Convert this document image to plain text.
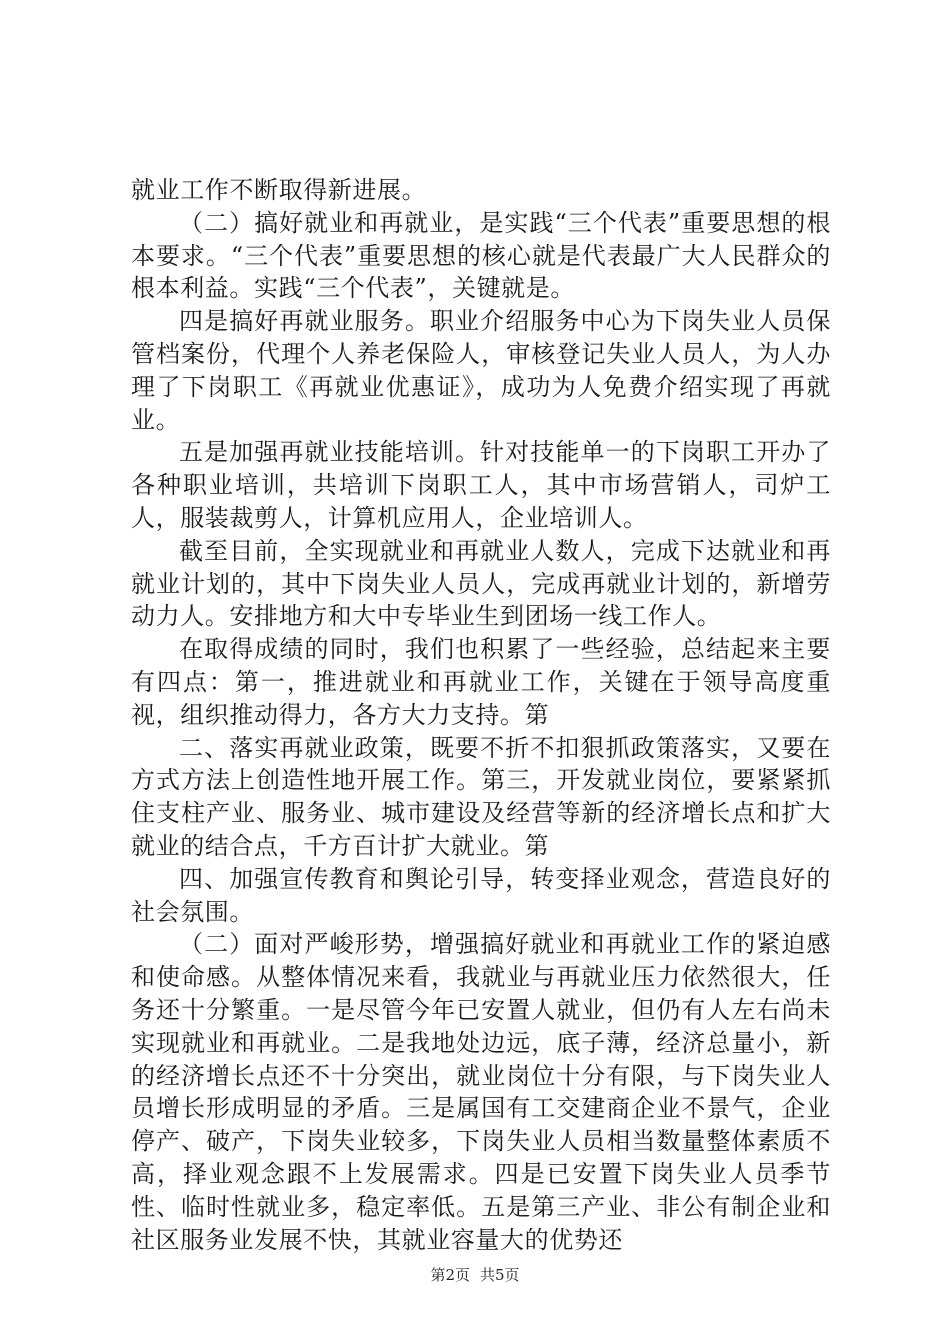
就业工作不断取得新进展。

（二）搞好就业和再就业，是实践“三个代表”重要思想的根本要求。“三个代表”重要思想的核心就是代表最广大人民群众的根本利益。实践“三个代表”，关键就是。

四是搞好再就业服务。职业介绍服务中心为下岗失业人员保管档案份，代理个人养老保险人，审核登记失业人员人，为人办理了下岗职工《再就业优惠证》，成功为人免费介绍实现了再就业。

五是加强再就业技能培训。针对技能单一的下岗职工开办了各种职业培训，共培训下岗职工人，其中市场营销人，司炉工人，服装裁剪人，计算机应用人，企业培训人。

截至目前，全实现就业和再就业人数人，完成下达就业和再就业计划的，其中下岗失业人员人，完成再就业计划的，新增劳动力人。安排地方和大中专毕业生到团场一线工作人。

在取得成绩的同时，我们也积累了一些经验，总结起来主要有四点：第一，推进就业和再就业工作，关键在于领导高度重视，组织推动得力，各方大力支持。第

二、落实再就业政策，既要不折不扣狠抓政策落实，又要在方式方法上创造性地开展工作。第三，开发就业岗位，要紧紧抓住支柱产业、服务业、城市建设及经营等新的经济增长点和扩大就业的结合点，千方百计扩大就业。第

四、加强宣传教育和舆论引导，转变择业观念，营造良好的社会氛围。

（二）面对严峻形势，增强搞好就业和再就业工作的紧迫感和使命感。从整体情况来看，我就业与再就业压力依然很大，任务还十分繁重。一是尽管今年已安置人就业，但仍有人左右尚未实现就业和再就业。二是我地处边远，底子薄，经济总量小，新的经济增长点还不十分突出，就业岗位十分有限，与下岗失业人员增长形成明显的矛盾。三是属国有工交建商企业不景气，企业停产、破产，下岗失业较多，下岗失业人员相当数量整体素质不高，择业观念跟不上发展需求。四是已安置下岗失业人员季节性、临时性就业多，稳定率低。五是第三产业、非公有制企业和社区服务业发展不快，其就业容量大的优势还

第2页 共5页
